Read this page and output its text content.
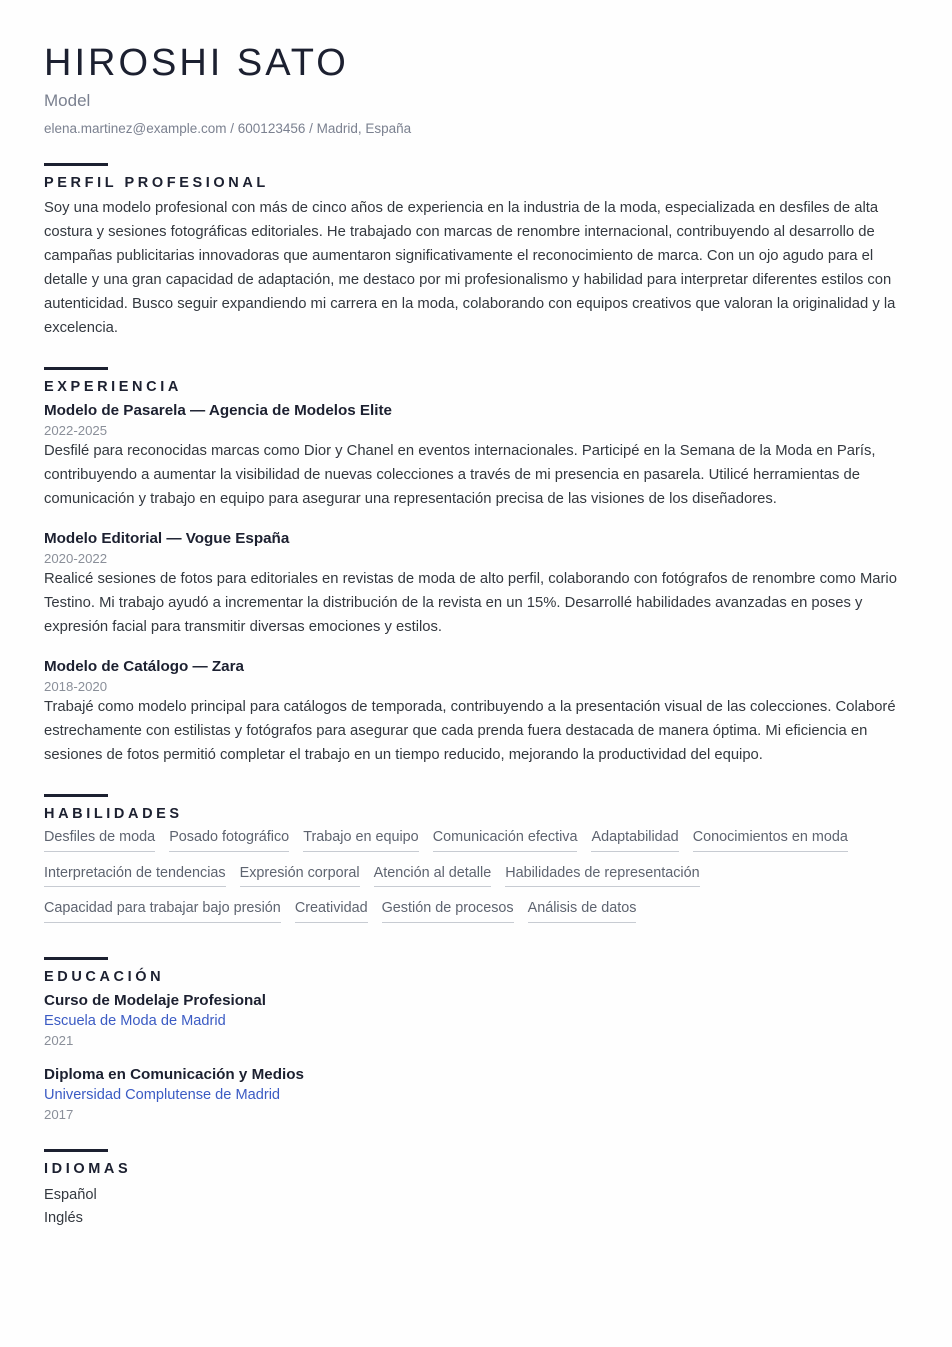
HIROSHI SATO
Model
elena.martinez@example.com / 600123456 / Madrid, España
PERFIL PROFESIONAL

Soy una modelo profesional con más de cinco años de experiencia en la industria de la moda, especializada en desfiles de alta costura y sesiones fotográficas editoriales. He trabajado con marcas de renombre internacional, contribuyendo al desarrollo de campañas publicitarias innovadoras que aumentaron significativamente el reconocimiento de marca. Con un ojo agudo para el detalle y una gran capacidad de adaptación, me destaco por mi profesionalismo y habilidad para interpretar diferentes estilos con autenticidad. Busco seguir expandiendo mi carrera en la moda, colaborando con equipos creativos que valoran la originalidad y la excelencia.

EXPERIENCIA
Modelo de Pasarela — Agencia de Modelos Elite
2022-2025

Desfilé para reconocidas marcas como Dior y Chanel en eventos internacionales. Participé en la Semana de la Moda en París, contribuyendo a aumentar la visibilidad de nuevas colecciones a través de mi presencia en pasarela. Utilicé herramientas de comunicación y trabajo en equipo para asegurar una representación precisa de las visiones de los diseñadores.

Modelo Editorial — Vogue España
2020-2022

Realicé sesiones de fotos para editoriales en revistas de moda de alto perfil, colaborando con fotógrafos de renombre como Mario Testino. Mi trabajo ayudó a incrementar la distribución de la revista en un 15%. Desarrollé habilidades avanzadas en poses y expresión facial para transmitir diversas emociones y estilos.

Modelo de Catálogo — Zara
2018-2020

Trabajé como modelo principal para catálogos de temporada, contribuyendo a la presentación visual de las colecciones. Colaboré estrechamente con estilistas y fotógrafos para asegurar que cada prenda fuera destacada de manera óptima. Mi eficiencia en sesiones de fotos permitió completar el trabajo en un tiempo reducido, mejorando la productividad del equipo.

HABILIDADES
Desfiles de moda Posado fotográfico Trabajo en equipo Comunicación efectiva Adaptabilidad Conocimientos en moda
Interpretación de tendencias Expresión corporal Atención al detalle Habilidades de representación
Capacidad para trabajar bajo presión Creatividad Gestión de procesos Análisis de datos
EDUCACIÓN
Curso de Modelaje Profesional
Escuela de Moda de Madrid
2021
Diploma en Comunicación y Medios
Universidad Complutense de Madrid
2017
IDIOMAS

Español

Inglés
